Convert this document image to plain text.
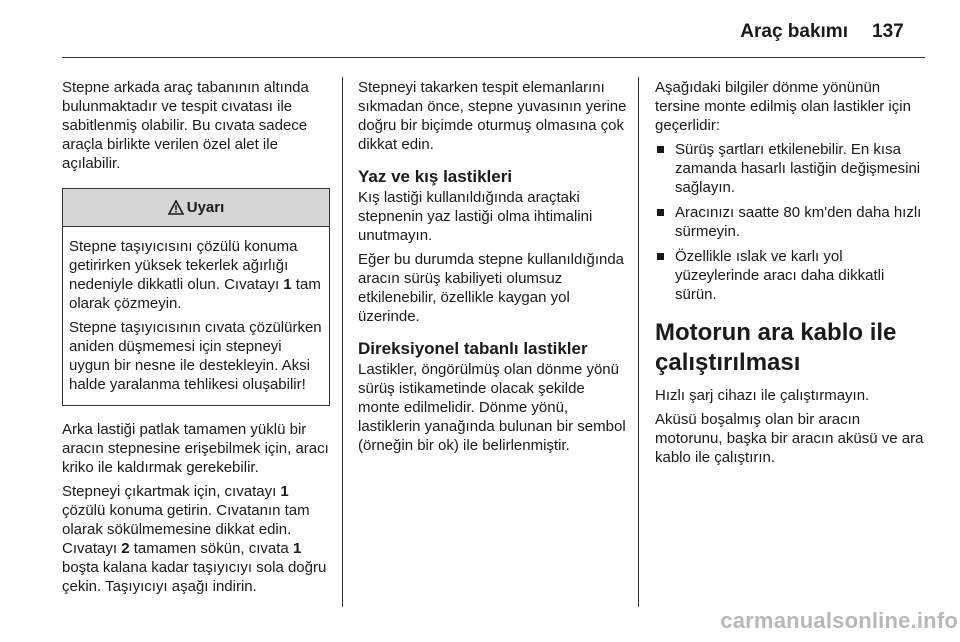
Araç bakımı 137

Stepne arkada araç tabanının altında bulunmaktadır ve tespit cıvatası ile sabitlenmiş olabilir. Bu cıvata sadece araçla birlikte verilen özel alet ile açılabilir.

Uyarı

Stepne taşıyıcısını çözülü konuma getirirken yüksek tekerlek ağırlığı nedeniyle dikkatli olun. Cıvatayı 1 tam olarak çözmeyin.

Stepne taşıyıcısının cıvata çözülürken aniden düşmemesi için stepneyi uygun bir nesne ile destekleyin. Aksi halde yaralanma tehlikesi oluşabilir!

Arka lastiği patlak tamamen yüklü bir aracın stepnesine erişebilmek için, aracı kriko ile kaldırmak gerekebilir.

Stepneyi çıkartmak için, cıvatayı 1 çözülü konuma getirin. Cıvatanın tam olarak sökülmemesine dikkat edin. Cıvatayı 2 tamamen sökün, cıvata 1 boşta kalana kadar taşıyıcıyı sola doğru çekin. Taşıyıcıyı aşağı indirin.

Stepneyi takarken tespit elemanlarını sıkmadan önce, stepne yuvasının yerine doğru bir biçimde oturmuş olmasına çok dikkat edin.

Yaz ve kış lastikleri

Kış lastiği kullanıldığında araçtaki stepnenin yaz lastiği olma ihtimalini unutmayın.

Eğer bu durumda stepne kullanıldığında aracın sürüş kabiliyeti olumsuz etkilenebilir, özellikle kaygan yol üzerinde.

Direksiyonel tabanlı lastikler

Lastikler, öngörülmüş olan dönme yönü sürüş istikametinde olacak şekilde monte edilmelidir. Dönme yönü, lastiklerin yanağında bulunan bir sembol (örneğin bir ok) ile belirlenmiştir.

Aşağıdaki bilgiler dönme yönünün tersine monte edilmiş olan lastikler için geçerlidir:

Sürüş şartları etkilenebilir. En kısa zamanda hasarlı lastiğin değişmesini sağlayın.
Aracınızı saatte 80 km'den daha hızlı sürmeyin.
Özellikle ıslak ve karlı yol yüzeylerinde aracı daha dikkatli sürün.
Motorun ara kablo ile çalıştırılması

Hızlı şarj cihazı ile çalıştırmayın.

Aküsü boşalmış olan bir aracın motorunu, başka bir aracın aküsü ve ara kablo ile çalıştırın.

carmanualsonline.info
